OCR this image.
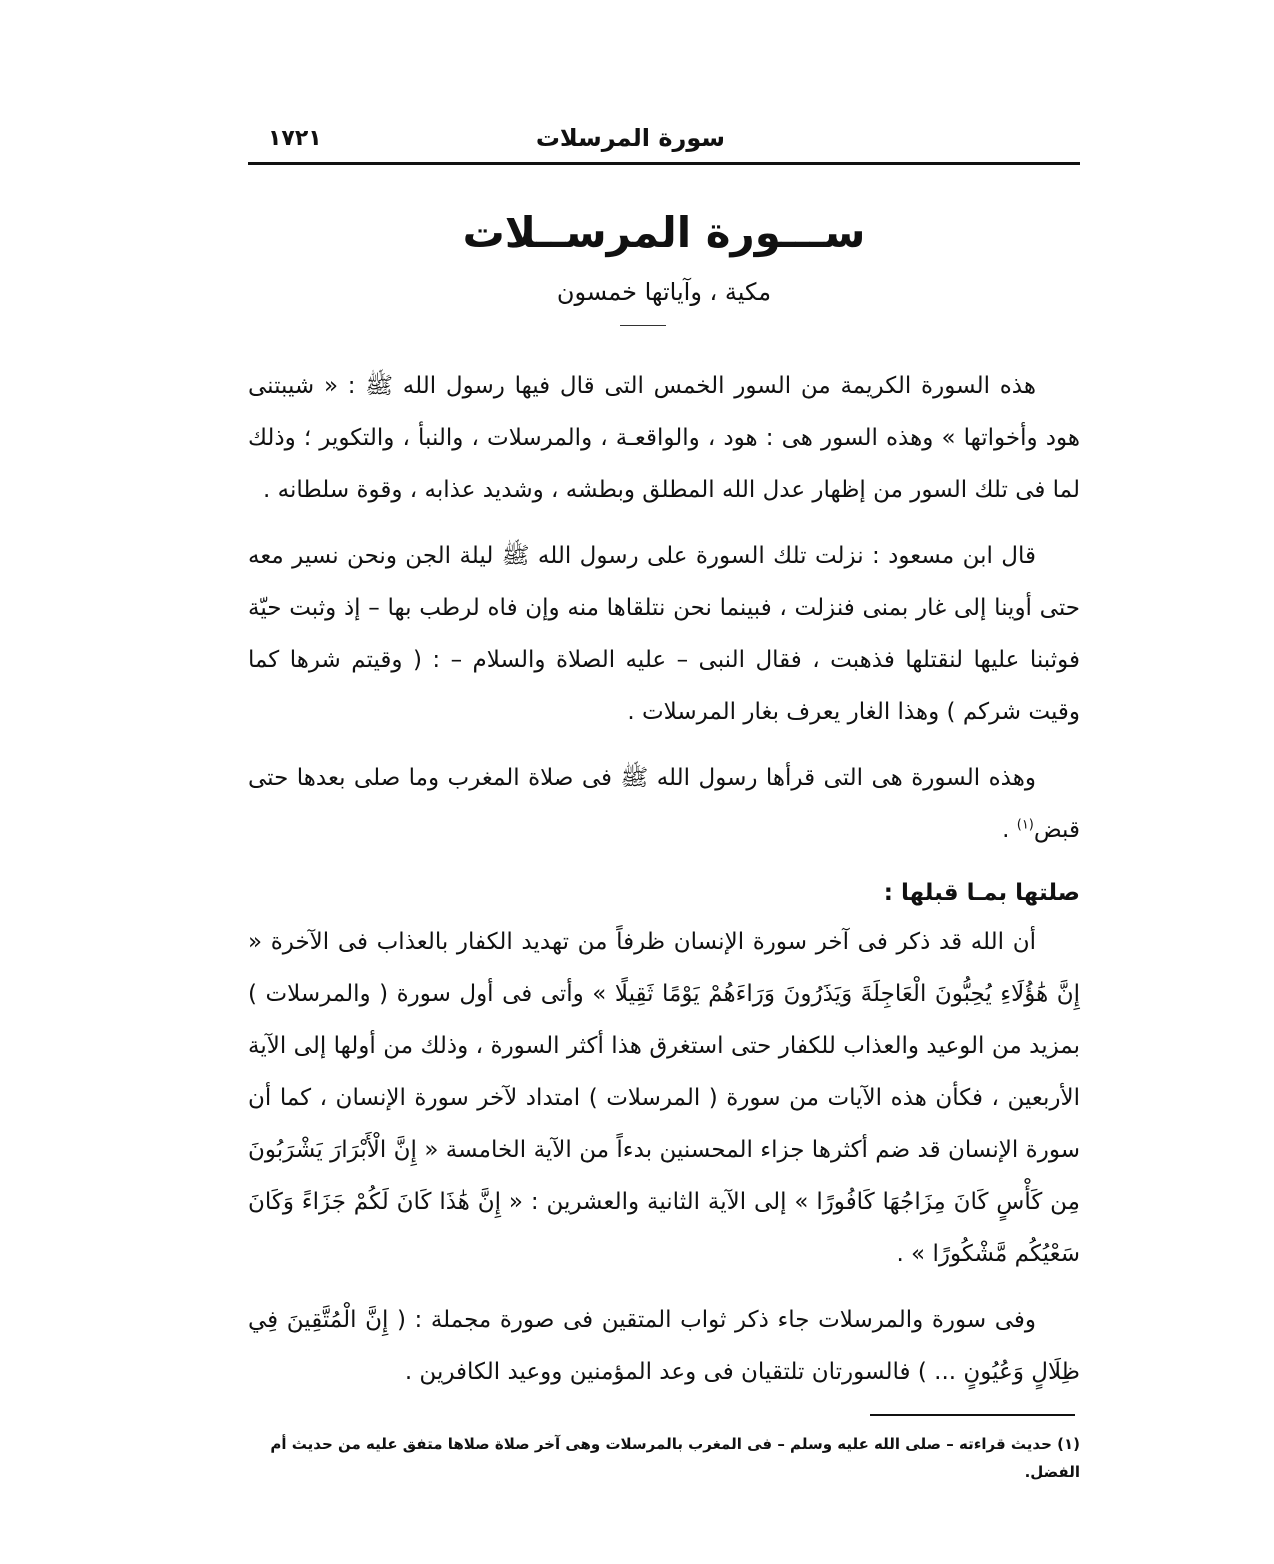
سورة المرسلات
١٧٢١
ســـورة المرســلات
مكية ، وآياتها خمسون

هذه السورة الكريمة من السور الخمس التى قال فيها رسول الله ﷺ : « شيبتنى هود وأخواتها » وهذه السور هى : هود ، والواقعـة ، والمرسلات ، والنبأ ، والتكوير ؛ وذلك لما فى تلك السور من إظهار عدل الله المطلق وبطشه ، وشديد عذابه ، وقوة سلطانه .

قال ابن مسعود : نزلت تلك السورة على رسول الله ﷺ ليلة الجن ونحن نسير معه حتى أوينا إلى غار بمنى فنزلت ، فبينما نحن نتلقاها منه وإن فاه لرطب بها – إذ وثبت حيّة فوثبنا عليها لنقتلها فذهبت ، فقال النبى – عليه الصلاة والسلام – : ( وقيتم شرها كما وقيت شركم ) وهذا الغار يعرف بغار المرسلات .

وهذه السورة هى التى قرأها رسول الله ﷺ فى صلاة المغرب وما صلى بعدها حتى قبض$^{(١)}$ .

صلتها بمـا قبلها :

أن الله قد ذكر فى آخر سورة الإنسان ظرفاً من تهديد الكفار بالعذاب فى الآخرة « إِنَّ هَٰؤُلَاءِ يُحِبُّونَ الْعَاجِلَةَ وَيَذَرُونَ وَرَاءَهُمْ يَوْمًا ثَقِيلًا » وأتى فى أول سورة ( والمرسلات ) بمزيد من الوعيد والعذاب للكفار حتى استغرق هذا أكثر السورة ، وذلك من أولها إلى الآية الأربعين ، فكأن هذه الآيات من سورة ( المرسلات ) امتداد لآخر سورة الإنسان ، كما أن سورة الإنسان قد ضم أكثرها جزاء المحسنين بدءاً من الآية الخامسة « إِنَّ الْأَبْرَارَ يَشْرَبُونَ مِن كَأْسٍ كَانَ مِزَاجُهَا كَافُورًا » إلى الآية الثانية والعشرين : « إِنَّ هَٰذَا كَانَ لَكُمْ جَزَاءً وَكَانَ سَعْيُكُم مَّشْكُورًا » .

وفى سورة والمرسلات جاء ذكر ثواب المتقين فى صورة مجملة : ( إِنَّ الْمُتَّقِينَ فِي ظِلَالٍ وَعُيُونٍ ... ) فالسورتان تلتقيان فى وعد المؤمنين ووعيد الكافرين .

(١) حديث قراءته – صلى الله عليه وسلم – فى المغرب بالمرسلات وهى آخر صلاة صلاها متفق عليه من حديث أم الفضل.
